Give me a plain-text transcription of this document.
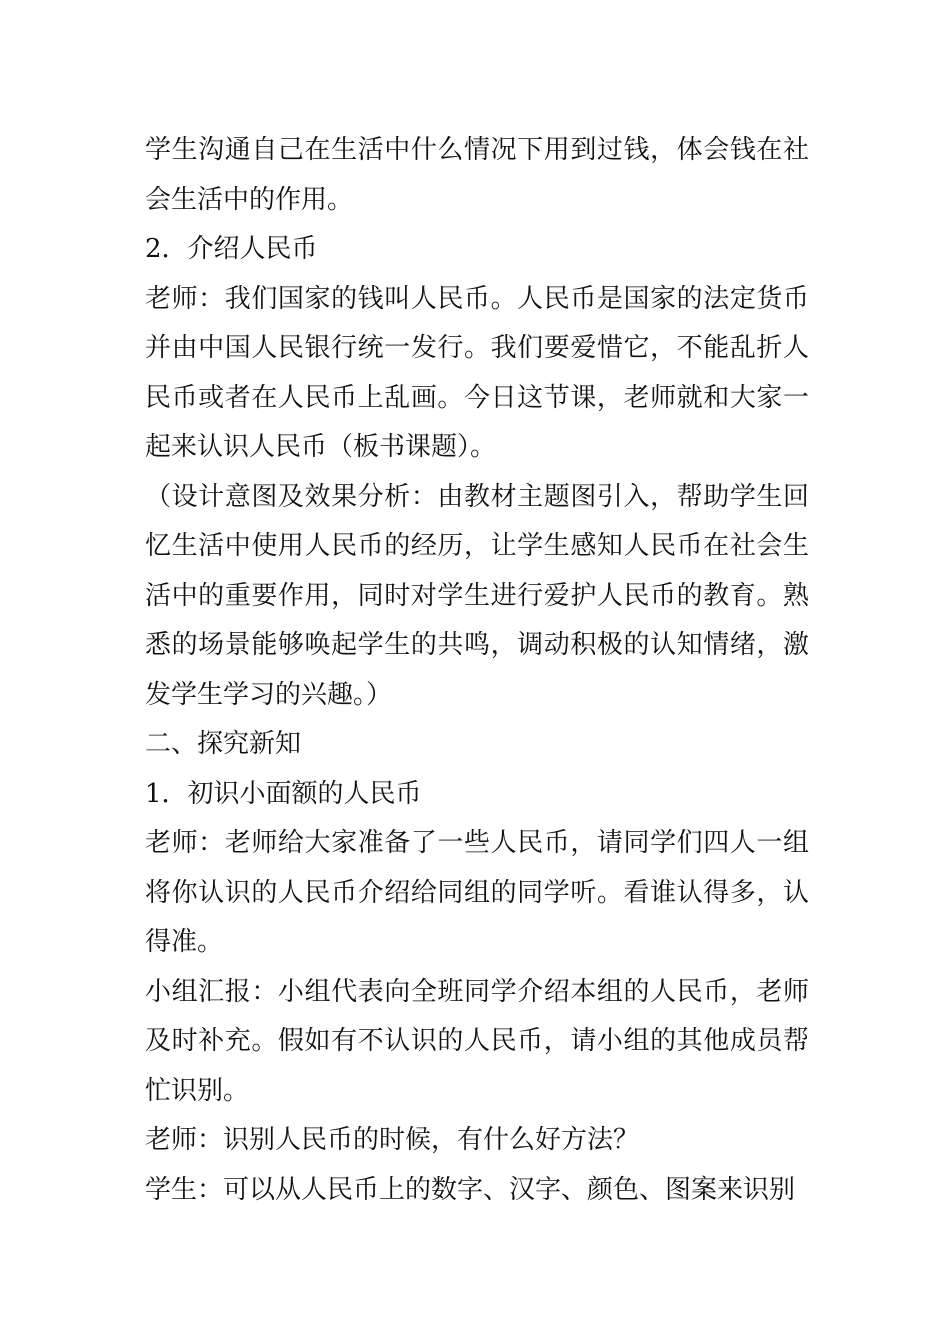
学生沟通自己在生活中什么情况下用到过钱，体会钱在社会生活中的作用。

2．介绍人民币

老师：我们国家的钱叫人民币。人民币是国家的法定货币并由中国人民银行统一发行。我们要爱惜它，不能乱折人民币或者在人民币上乱画。今日这节课，老师就和大家一起来认识人民币（板书课题）。

（设计意图及效果分析：由教材主题图引入，帮助学生回忆生活中使用人民币的经历，让学生感知人民币在社会生活中的重要作用，同时对学生进行爱护人民币的教育。熟悉的场景能够唤起学生的共鸣，调动积极的认知情绪，激发学生学习的兴趣。）

二、探究新知

1．初识小面额的人民币

老师：老师给大家准备了一些人民币，请同学们四人一组将你认识的人民币介绍给同组的同学听。看谁认得多，认得准。

小组汇报：小组代表向全班同学介绍本组的人民币，老师及时补充。假如有不认识的人民币，请小组的其他成员帮忙识别。

老师：识别人民币的时候，有什么好方法？

学生：可以从人民币上的数字、汉字、颜色、图案来识别
